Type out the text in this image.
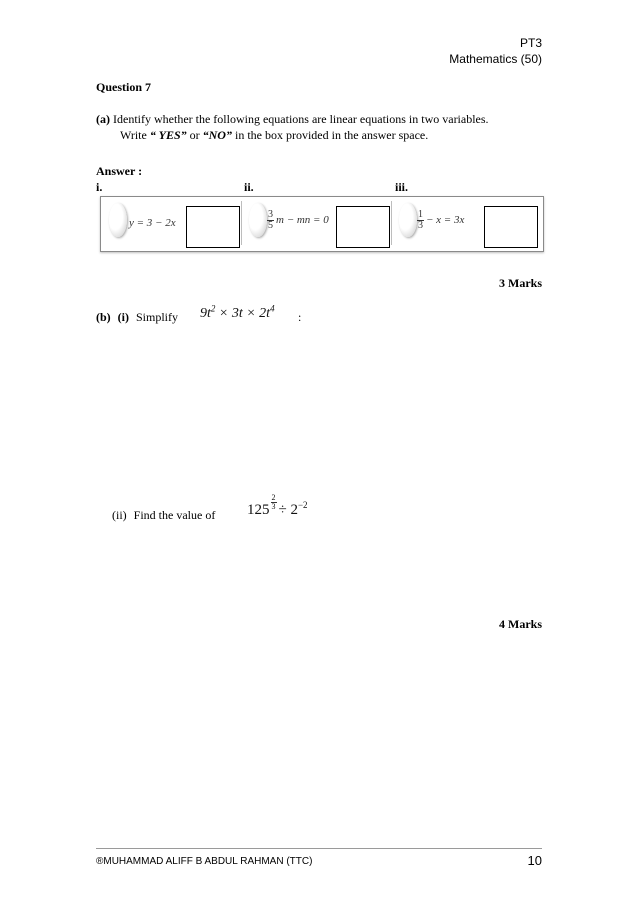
PT3
Mathematics (50)
Question 7
(a) Identify whether the following equations are linear equations in two variables.
Write “ YES” or “NO” in the box provided in the answer space.
Answer :
i.	ii.	iii.
y = 3 − 2x	$\frac{3}{5}$ m − mn = 0	$\frac{1}{3} - x = 3x$
3 Marks
(b) (i) Simplify $9t^2 \times 3t \times 2t^4$
:
(ii) Find the value of $125 \frac{2}{3} \div 2^{-2}$
4 Marks
®MUHAMMAD ALIFF B ABDUL RAHMAN (TTC)	10
